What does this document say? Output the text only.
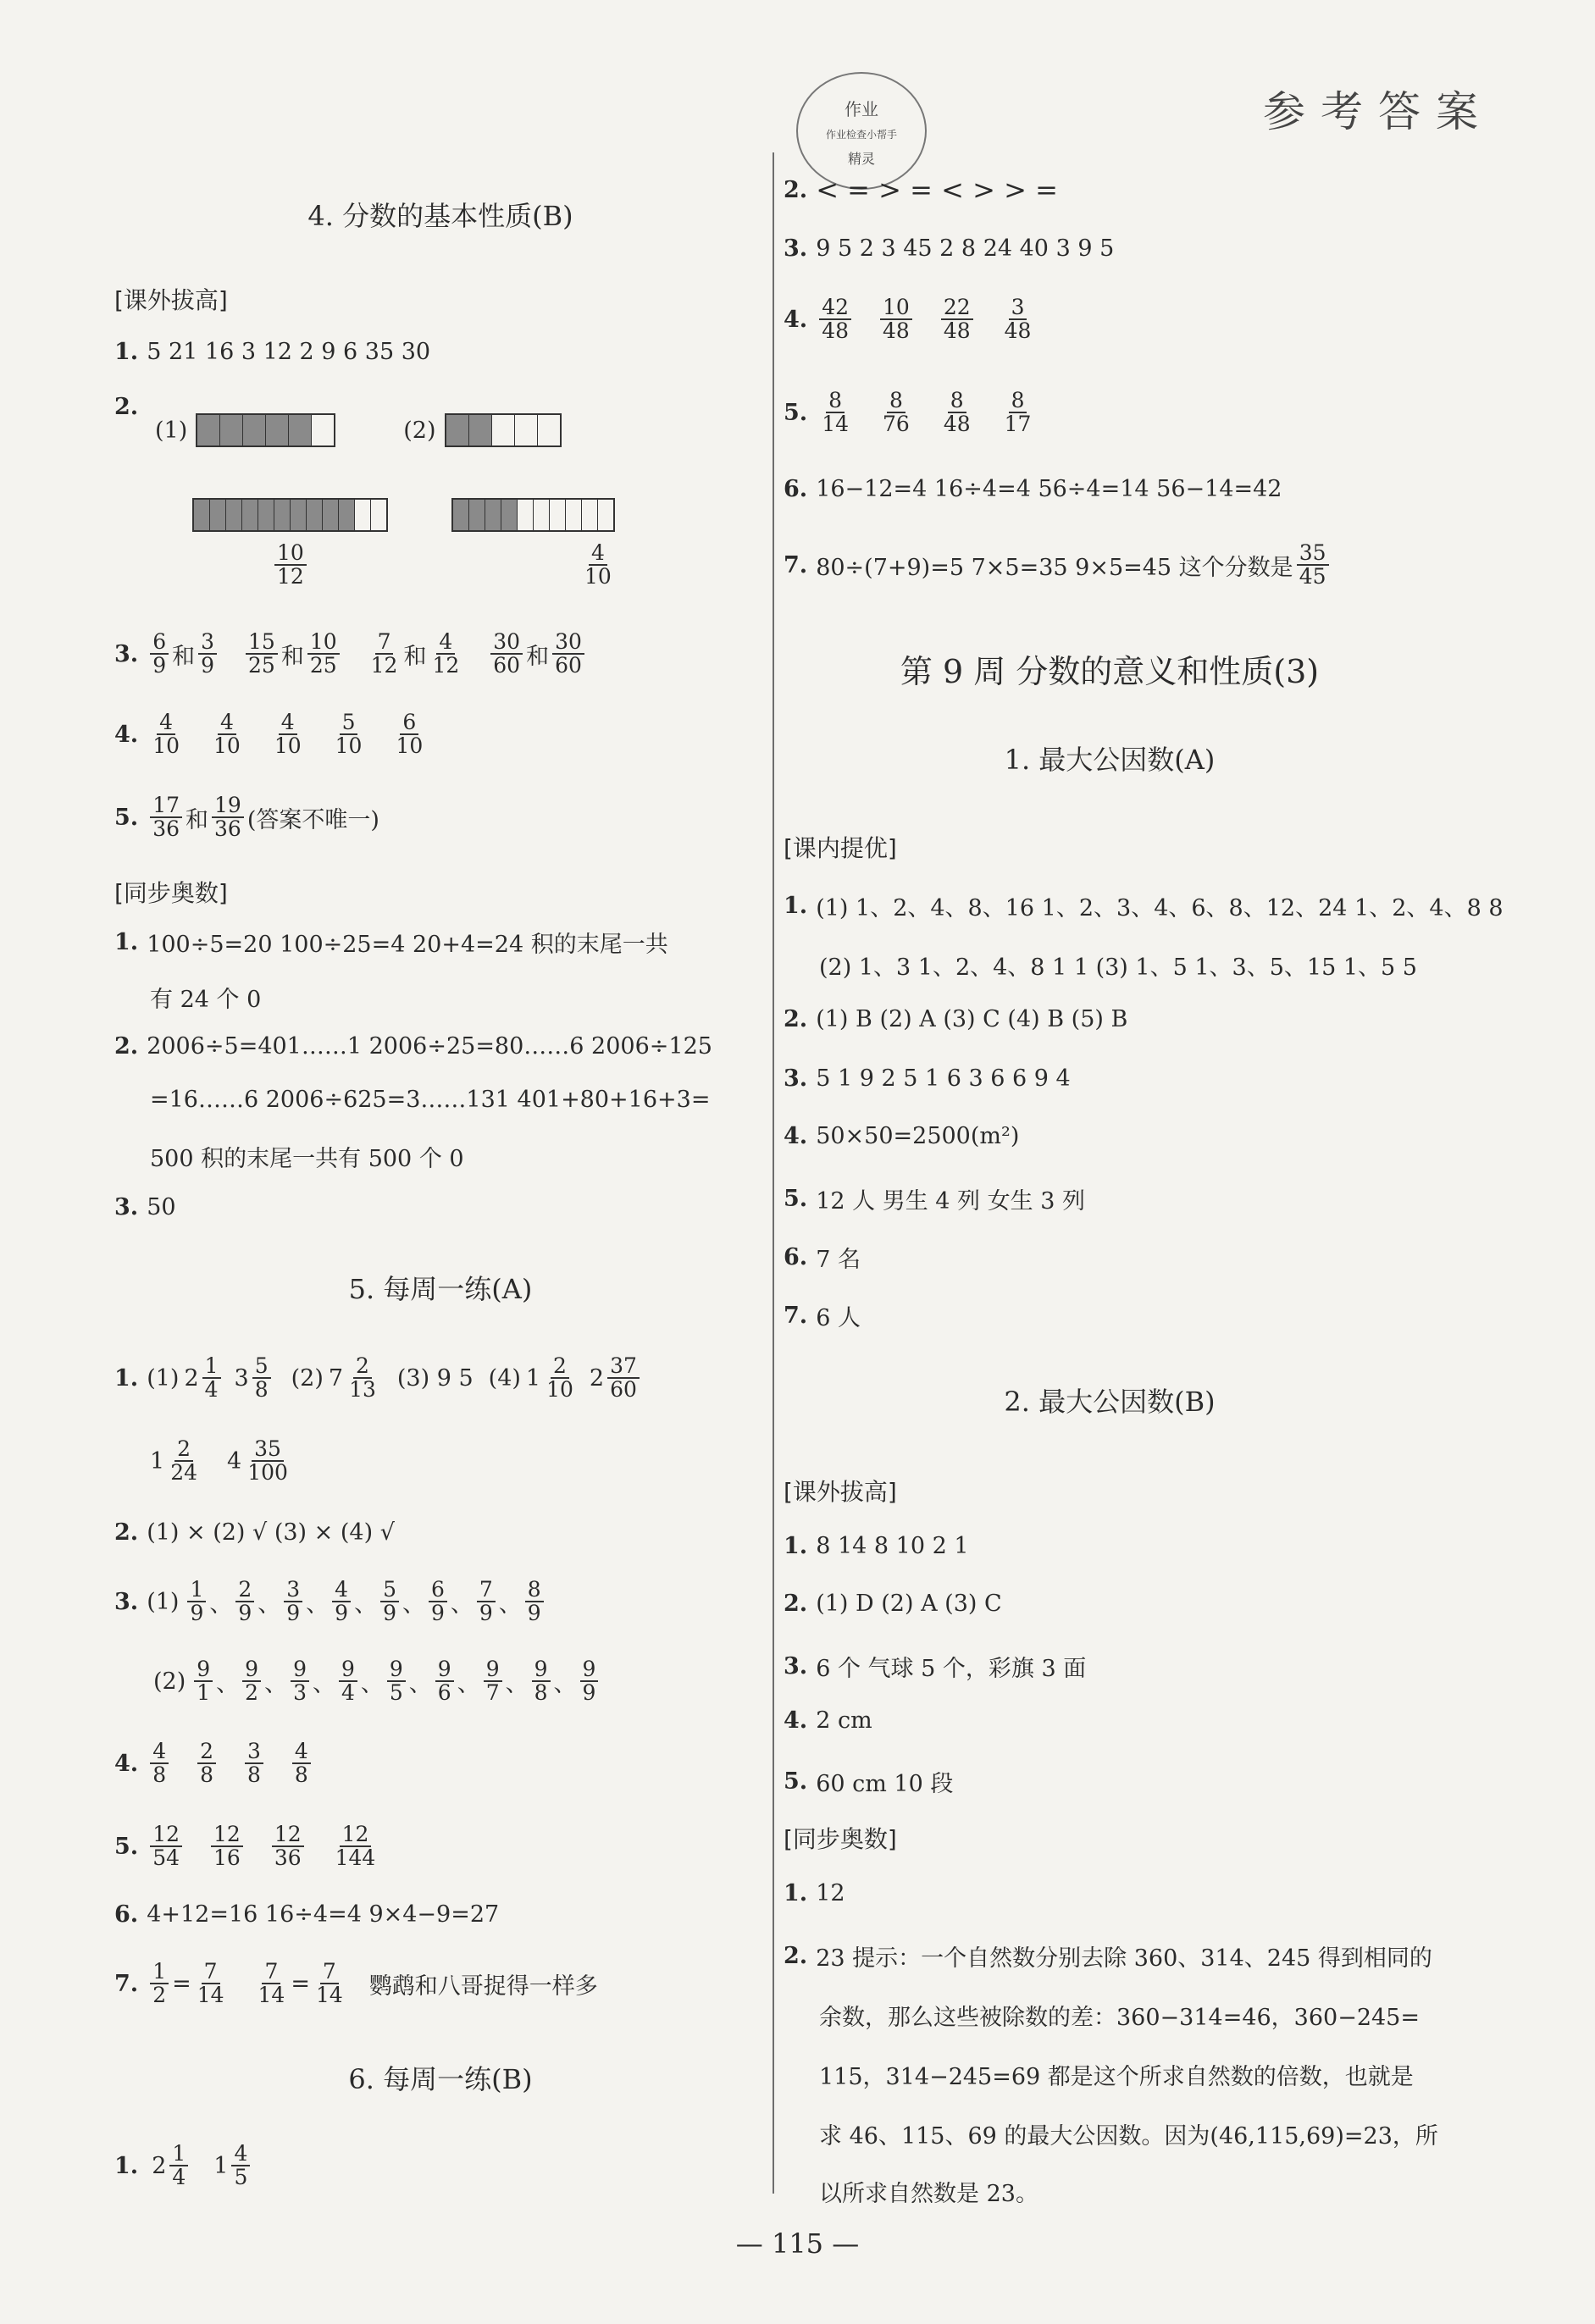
参考答案
作业
作业检查小帮手
精灵
4. 分数的基本性质(B)
[课外拔高]
1. 5 21 16 3 12 2 9 6 35 30
2.
(1)	(2)
$\frac{10}{12}$	$\frac{4}{10}$
3. $\frac{6}{9}$ 和 $\frac{3}{9} \frac{15}{25}$ 和 $\frac{10}{25} \frac{7}{12}$ 和 $\frac{4}{12} \frac{30}{60}$ 和 $\frac{30}{60}$
4. $\frac{4}{10} \frac{4}{10} \frac{4}{10} \frac{5}{10} \frac{6}{10}$
5. $\frac{17}{36}$ 和 $\frac{19}{36}$ (答案不唯一)
[同步奥数]
1. 100÷5=20 100÷25=4 20+4=24 积的末尾一共
有 24 个 0
2. 2006÷5=401……1 2006÷25=80……6 2006÷125
=16……6 2006÷625=3……131 401+80+16+3=
500 积的末尾一共有 500 个 0
3. 50
5. 每周一练(A)
1. (1) $2 \frac{1}{4} 3 \frac{5}{8} (2)$ $7 \frac{2}{13} (3)$ 9 5 (4) $1 \frac{2}{10} 2 \frac{37}{60}$
$1 \frac{2}{24} 4 \frac{35}{100}$
2. (1) × (2) √ (3) × (4) √
3. $(1) \frac{1}{9}$ 、 $\frac{2}{9}$ 、 $\frac{3}{9}$ 、 $\frac{4}{9}$ 、 $\frac{5}{9}$ 、 $\frac{6}{9}$ 、 $\frac{7}{9}$ 、 $\frac{8}{9}$
$(2) \frac{9}{1}$ 、 $\frac{9}{2}$ 、 $\frac{9}{3}$ 、 $\frac{9}{4}$ 、 $\frac{9}{5}$ 、 $\frac{9}{6}$ 、 $\frac{9}{7}$ 、 $\frac{9}{8}$ 、 $\frac{9}{9}$
4. $\frac{4}{8} \frac{2}{8} \frac{3}{8} \frac{4}{8}$
5. $\frac{12}{54} \frac{12}{16} \frac{12}{36} \frac{12}{144}$
6. 4+12=16 16÷4=4 9×4−9=27
7. $\frac{1}{2} = \frac{7}{14} \frac{7}{14} = \frac{7}{14}$ 鹦鹉和八哥捉得一样多
6. 每周一练(B)
1. $2 \frac{1}{4} 1 \frac{4}{5}$
2. < = > = < > > =
3. 9 5 2 3 45 2 8 24 40 3 9 5
4. $\frac{42}{48} \frac{10}{48} \frac{22}{48} \frac{3}{48}$
5. $\frac{8}{14} \frac{8}{76} \frac{8}{48} \frac{8}{17}$
6. 16−12=4 16÷4=4 56÷4=14 56−14=42
7. 80÷(7+9)=5 7×5=35 9×5=45 这个分数是 $\frac{35}{45}$
第 9 周 分数的意义和性质(3)
1. 最大公因数(A)
[课内提优]
1. (1) 1、2、4、8、16 1、2、3、4、6、8、12、24 1、2、4、8 8
(2) 1、3 1、2、4、8 1 1 (3) 1、5 1、3、5、15 1、5 5
2. (1) B (2) A (3) C (4) B (5) B
3. 5 1 9 2 5 1 6 3 6 6 9 4
4. 50×50=2500(m²)
5. 12 人 男生 4 列 女生 3 列
6. 7 名
7. 6 人
2. 最大公因数(B)
[课外拔高]
1. 8 14 8 10 2 1
2. (1) D (2) A (3) C
3. 6 个 气球 5 个，彩旗 3 面
4. 2 cm
5. 60 cm 10 段
[同步奥数]
1. 12
2. 23 提示：一个自然数分别去除 360、314、245 得到相同的
余数，那么这些被除数的差：360−314=46，360−245=
115，314−245=69 都是这个所求自然数的倍数，也就是
求 46、115、69 的最大公因数。因为(46,115,69)=23，所
以所求自然数是 23。
— 115 —
